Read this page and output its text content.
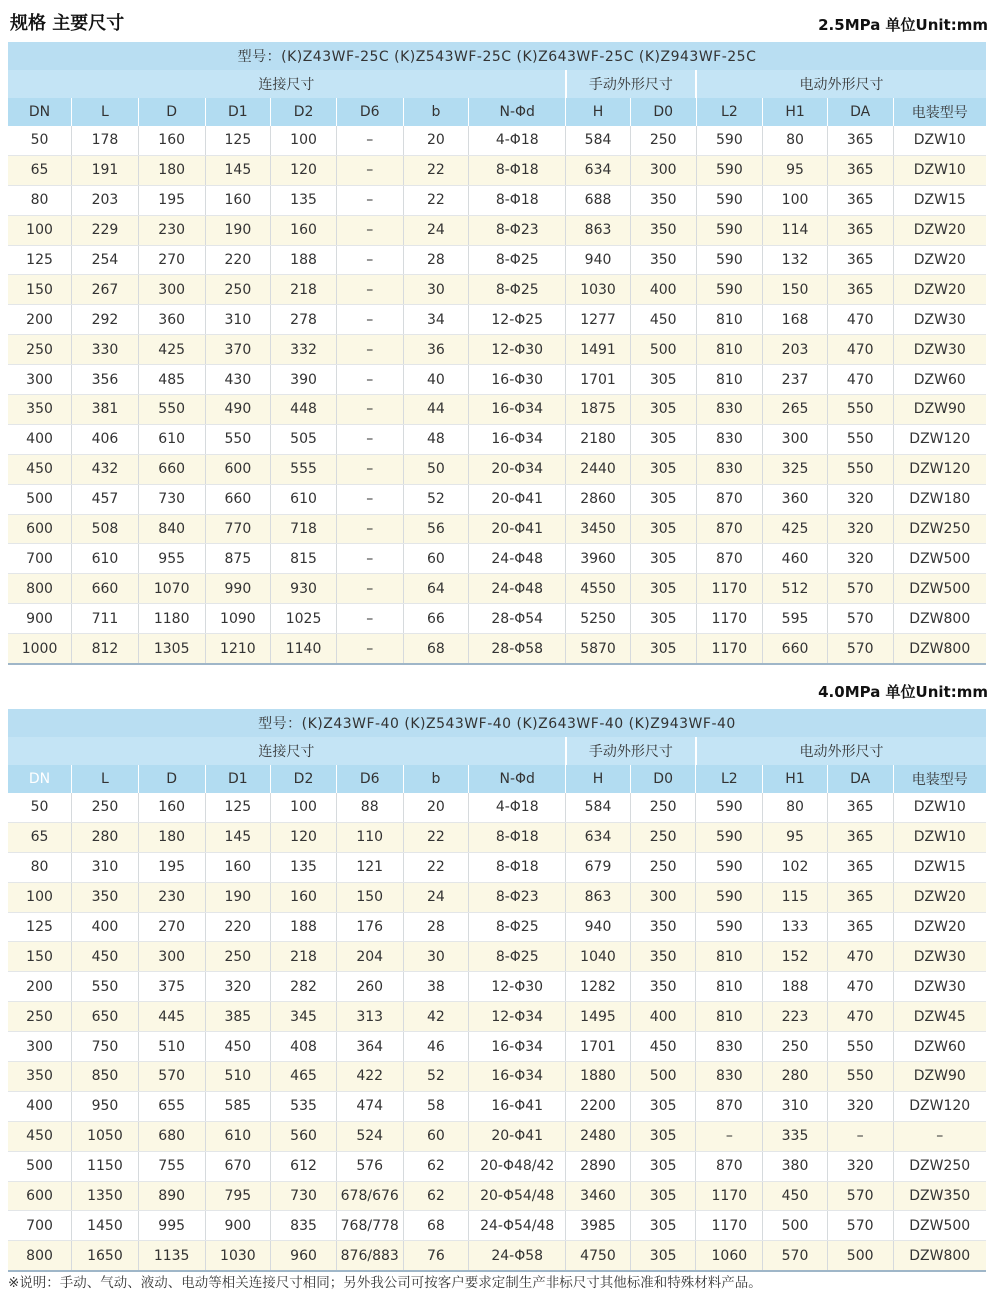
规格 主要尺寸	2.5MPa 单位Unit:mm
型号：(K)Z43WF-25C (K)Z543WF-25C (K)Z643WF-25C (K)Z943WF-25C													
连接尺寸								手动外形尺寸		电动外形尺寸			
DN	L	D	D1	D2	D6	b	N-Φd	H	D0	L2	H1	DA	电装型号
50	178	160	125	100	–	20	4-Φ18	584	250	590	80	365	DZW10
65	191	180	145	120	–	22	8-Φ18	634	300	590	95	365	DZW10
80	203	195	160	135	–	22	8-Φ18	688	350	590	100	365	DZW15
100	229	230	190	160	–	24	8-Φ23	863	350	590	114	365	DZW20
125	254	270	220	188	–	28	8-Φ25	940	350	590	132	365	DZW20
150	267	300	250	218	–	30	8-Φ25	1030	400	590	150	365	DZW20
200	292	360	310	278	–	34	12-Φ25	1277	450	810	168	470	DZW30
250	330	425	370	332	–	36	12-Φ30	1491	500	810	203	470	DZW30
300	356	485	430	390	–	40	16-Φ30	1701	305	810	237	470	DZW60
350	381	550	490	448	–	44	16-Φ34	1875	305	830	265	550	DZW90
400	406	610	550	505	–	48	16-Φ34	2180	305	830	300	550	DZW120
450	432	660	600	555	–	50	20-Φ34	2440	305	830	325	550	DZW120
500	457	730	660	610	–	52	20-Φ41	2860	305	870	360	320	DZW180
600	508	840	770	718	–	56	20-Φ41	3450	305	870	425	320	DZW250
700	610	955	875	815	–	60	24-Φ48	3960	305	870	460	320	DZW500
800	660	1070	990	930	–	64	24-Φ48	4550	305	1170	512	570	DZW500
900	711	1180	1090	1025	–	66	28-Φ54	5250	305	1170	595	570	DZW800
1000	812	1305	1210	1140	–	68	28-Φ58	5870	305	1170	660	570	DZW800
4.0MPa 单位Unit:mm
型号：(K)Z43WF-40 (K)Z543WF-40 (K)Z643WF-40 (K)Z943WF-40													
连接尺寸								手动外形尺寸		电动外形尺寸			
DN	L	D	D1	D2	D6	b	N-Φd	H	D0	L2	H1	DA	电装型号
50	250	160	125	100	88	20	4-Φ18	584	250	590	80	365	DZW10
65	280	180	145	120	110	22	8-Φ18	634	250	590	95	365	DZW10
80	310	195	160	135	121	22	8-Φ18	679	250	590	102	365	DZW15
100	350	230	190	160	150	24	8-Φ23	863	300	590	115	365	DZW20
125	400	270	220	188	176	28	8-Φ25	940	350	590	133	365	DZW20
150	450	300	250	218	204	30	8-Φ25	1040	350	810	152	470	DZW30
200	550	375	320	282	260	38	12-Φ30	1282	350	810	188	470	DZW30
250	650	445	385	345	313	42	12-Φ34	1495	400	810	223	470	DZW45
300	750	510	450	408	364	46	16-Φ34	1701	450	830	250	550	DZW60
350	850	570	510	465	422	52	16-Φ34	1880	500	830	280	550	DZW90
400	950	655	585	535	474	58	16-Φ41	2200	305	870	310	320	DZW120
450	1050	680	610	560	524	60	20-Φ41	2480	305	–	335	–	–
500	1150	755	670	612	576	62	20-Φ48/42	2890	305	870	380	320	DZW250
600	1350	890	795	730	678/676	62	20-Φ54/48	3460	305	1170	450	570	DZW350
700	1450	995	900	835	768/778	68	24-Φ54/48	3985	305	1170	500	570	DZW500
800	1650	1135	1030	960	876/883	76	24-Φ58	4750	305	1060	570	500	DZW800
※说明：手动、气动、液动、电动等相关连接尺寸相同；另外我公司可按客户要求定制生产非标尺寸其他标准和特殊材料产品。
